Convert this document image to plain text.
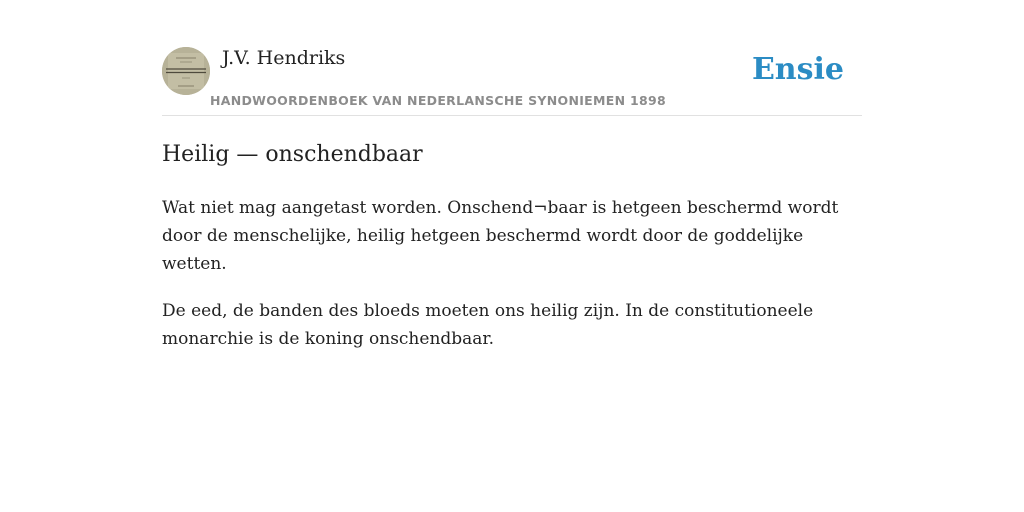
J.V. Hendriks
HANDWOORDENBOEK VAN NEDERLANSCHE SYNONIEMEN 1898
Ensie
Heilig — onschendbaar

Wat niet mag aangetast worden. Onschend¬baar is hetgeen beschermd wordt door de menschelijke, heilig hetgeen beschermd wordt door de goddelijke wetten.

De eed, de banden des bloeds moeten ons heilig zijn. In de constitutioneele monarchie is de koning onschendbaar.
